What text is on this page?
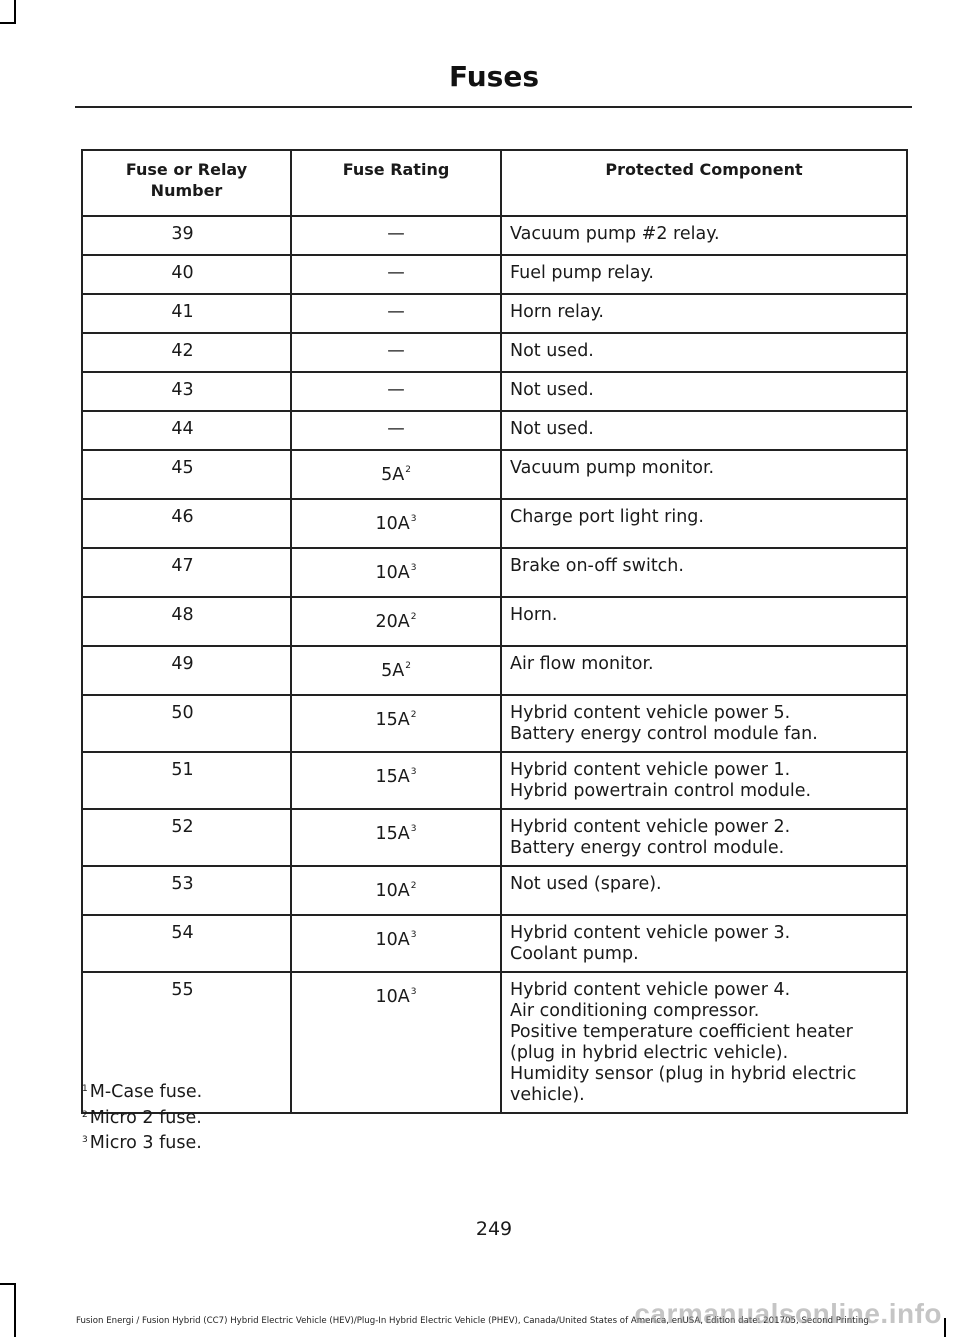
Fuses
Fuse or Relay Number	Fuse Rating	Protected Component
39	—	Vacuum pump #2 relay.

40	—	Fuel pump relay.

41	—	Horn relay.

42	—	Not used.

43	—	Not used.

44	—	Not used.

45	$5A^2$	Vacuum pump monitor.

46	$10A^3$	Charge port light ring.

47	$10A^3$	Brake on-off switch.

48	$20A^2$	Horn.

49	$5A^2$	Air flow monitor.

50	$15A^2$	Hybrid content vehicle power 5.
Battery energy control module fan.

51	$15A^3$	Hybrid content vehicle power 1.
Hybrid powertrain control module.

52	$15A^3$	Hybrid content vehicle power 2.
Battery energy control module.

53	$10A^2$	Not used (spare).

54	$10A^3$	Hybrid content vehicle power 3.
Coolant pump.

55	$10A^3$	Hybrid content vehicle power 4.
Air conditioning compressor.
Positive temperature coefficient heater (plug in hybrid electric vehicle).
Humidity sensor (plug in hybrid electric vehicle).
$^1$ M-Case fuse.
$^2$ Micro 2 fuse.
$^3$ Micro 3 fuse.
249
Fusion Energi / Fusion Hybrid (CC7) Hybrid Electric Vehicle (HEV)/Plug-In Hybrid Electric Vehicle (PHEV), Canada/United States of America, enUSA, Edition date: 201705, Second Printing
carmanualsonline.info
